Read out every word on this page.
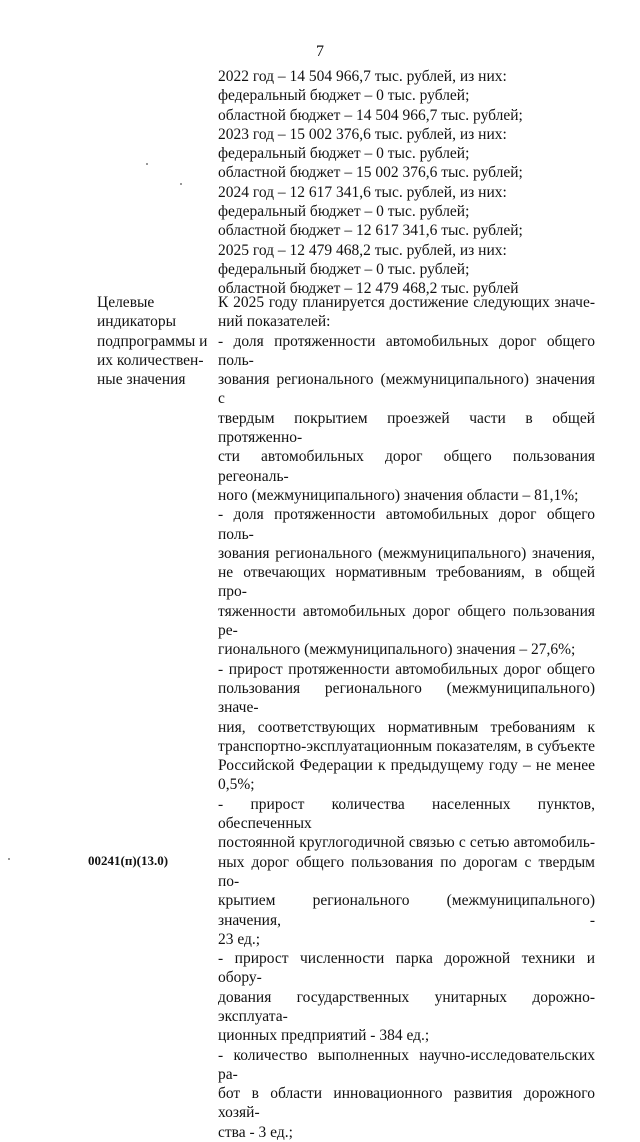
7
2022 год – 14 504 966,7 тыс. рублей, из них:
федеральный бюджет – 0 тыс. рублей;
областной бюджет – 14 504 966,7 тыс. рублей;
2023 год – 15 002 376,6 тыс. рублей, из них:
федеральный бюджет – 0 тыс. рублей;
областной бюджет – 15 002 376,6 тыс. рублей;
2024 год – 12 617 341,6 тыс. рублей, из них:
федеральный бюджет – 0 тыс. рублей;
областной бюджет – 12 617 341,6 тыс. рублей;
2025 год – 12 479 468,2 тыс. рублей, из них:
федеральный бюджет – 0 тыс. рублей;
областной бюджет – 12 479 468,2 тыс. рублей
Целевые
индикаторы
подпрограммы и
их количествен-
ные значения
К 2025 году планируется достижение следующих значе-
ний показателей:
- доля протяженности автомобильных дорог общего поль-
зования регионального (межмуниципального) значения с
твердым покрытием проезжей части в общей протяженно-
сти автомобильных дорог общего пользования регеональ-
ного (межмуниципального) значения области – 81,1%;
- доля протяженности автомобильных дорог общего поль-
зования регионального (межмуниципального) значения,
не отвечающих нормативным требованиям, в общей про-
тяженности автомобильных дорог общего пользования ре-
гионального (межмуниципального) значения – 27,6%;
- прирост протяженности автомобильных дорог общего
пользования регионального (межмуниципального) значе-
ния, соответствующих нормативным требованиям к
транспортно-эксплуатационным показателям, в субъекте
Российской Федерации к предыдущему году – не менее
0,5%;
- прирост количества населенных пунктов, обеспеченных
постоянной круглогодичной связью с сетью автомобиль-
ных дорог общего пользования по дорогам с твердым по-
крытием регионального (межмуниципального) значения, -
23 ед.;
- прирост численности парка дорожной техники и обору-
дования государственных унитарных дорожно-эксплуата-
ционных предприятий - 384 ед.;
- количество выполненных научно-исследовательских ра-
бот в области инновационного развития дорожного хозяй-
ства - 3 ед.;
00241(п)(13.0)
